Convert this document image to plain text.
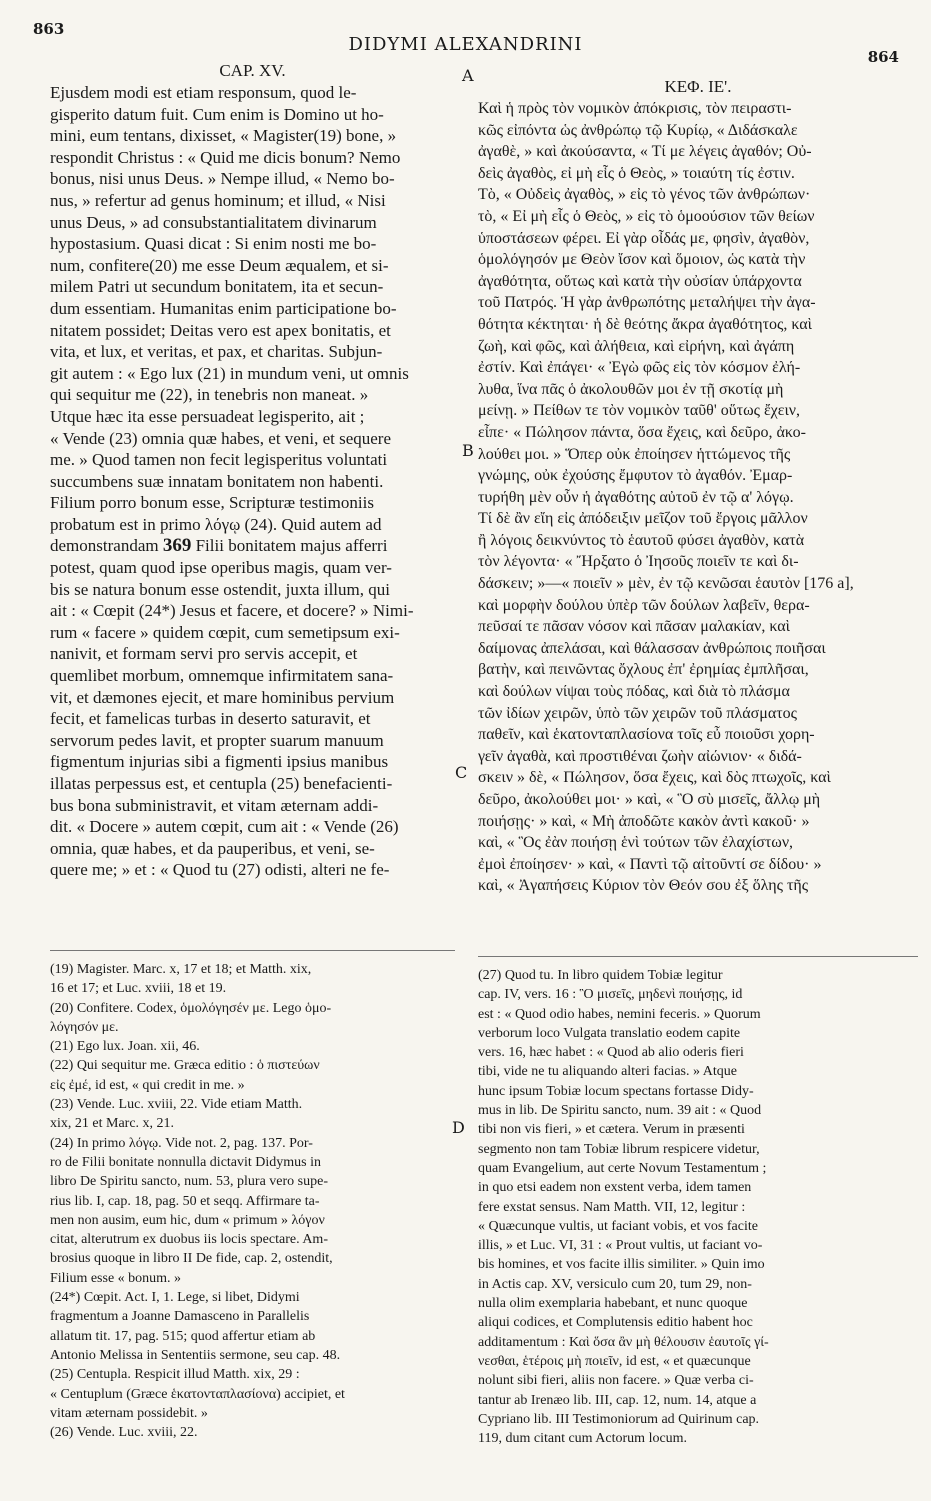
863
DIDYMI ALEXANDRINI
864
A
B
C
D
CAP. XV.
Ejusdem modi est etiam responsum, quod le-
gisperito datum fuit. Cum enim is Domino ut ho-
mini, eum tentans, dixisset, « Magister(19) bone, »
respondit Christus : « Quid me dicis bonum? Nemo
bonus, nisi unus Deus. » Nempe illud, « Nemo bo-
nus, » refertur ad genus hominum; et illud, « Nisi
unus Deus, » ad consubstantialitatem divinarum
hypostasium. Quasi dicat : Si enim nosti me bo-
num, confitere(20) me esse Deum æqualem, et si-
milem Patri ut secundum bonitatem, ita et secun-
dum essentiam. Humanitas enim participatione bo-
nitatem possidet; Deitas vero est apex bonitatis, et
vita, et lux, et veritas, et pax, et charitas. Subjun-
git autem : « Ego lux (21) in mundum veni, ut omnis
qui sequitur me (22), in tenebris non maneat. »
Utque hæc ita esse persuadeat legisperito, ait ;
« Vende (23) omnia quæ habes, et veni, et sequere
me. » Quod tamen non fecit legisperitus voluntati
succumbens suæ innatam bonitatem non habenti.
Filium porro bonum esse, Scripturæ testimoniis
probatum est in primo λόγῳ (24). Quid autem ad
demonstrandam 369 Filii bonitatem majus afferri
potest, quam quod ipse operibus magis, quam ver-
bis se natura bonum esse ostendit, juxta illum, qui
ait : « Cœpit (24*) Jesus et facere, et docere? » Nimi-
rum « facere » quidem cœpit, cum semetipsum exi-
nanivit, et formam servi pro servis accepit, et
quemlibet morbum, omnemque infirmitatem sana-
vit, et dæmones ejecit, et mare hominibus pervium
fecit, et famelicas turbas in deserto saturavit, et
servorum pedes lavit, et propter suarum manuum
figmentum injurias sibi a figmenti ipsius manibus
illatas perpessus est, et centupla (25) benefacienti-
bus bona subministravit, et vitam æternam addi-
dit. « Docere » autem cœpit, cum ait : « Vende (26)
omnia, quæ habes, et da pauperibus, et veni, se-
quere me; » et : « Quod tu (27) odisti, alteri ne fe-
ΚΕΦ. ΙΕ'.
Καὶ ἡ πρὸς τὸν νομικὸν ἀπόκρισις, τὸν πειραστι-
κῶς εἰπόντα ὡς ἀνθρώπῳ τῷ Κυρίῳ, « Διδάσκαλε
ἀγαθὲ, » καὶ ἀκούσαντα, « Τί με λέγεις ἀγαθόν; Οὐ-
δεὶς ἀγαθὸς, εἰ μὴ εἷς ὁ Θεὸς, » τοιαύτη τίς ἐστιν.
Τὸ, « Οὐδεὶς ἀγαθὸς, » εἰς τὸ γένος τῶν ἀνθρώπων·
τὸ, « Εἰ μὴ εἷς ὁ Θεὸς, » εἰς τὸ ὁμοούσιον τῶν θείων
ὑποστάσεων φέρει. Εἰ γὰρ οἶδάς με, φησὶν, ἀγαθὸν,
ὁμολόγησόν με Θεὸν ἴσον καὶ ὅμοιον, ὡς κατὰ τὴν
ἀγαθότητα, οὕτως καὶ κατὰ τὴν οὐσίαν ὑπάρχοντα
τοῦ Πατρός. Ἡ γὰρ ἀνθρωπότης μεταλήψει τὴν ἀγα-
θότητα κέκτηται· ἡ δὲ θεότης ἄκρα ἀγαθότητος, καὶ
ζωὴ, καὶ φῶς, καὶ ἀλήθεια, καὶ εἰρήνη, καὶ ἀγάπη
ἐστίν. Καὶ ἐπάγει· « Ἐγὼ φῶς εἰς τὸν κόσμον ἐλή-
λυθα, ἵνα πᾶς ὁ ἀκολουθῶν μοι ἐν τῇ σκοτίᾳ μὴ
μείνῃ. » Πείθων τε τὸν νομικὸν ταῦθ' οὕτως ἔχειν,
εἶπε· « Πώλησον πάντα, ὅσα ἔχεις, καὶ δεῦρο, ἀκο-
λούθει μοι. » Ὅπερ οὐκ ἐποίησεν ἡττώμενος τῆς
γνώμης, οὐκ ἐχούσης ἔμφυτον τὸ ἀγαθόν. Ἐμαρ-
τυρήθη μὲν οὖν ἡ ἀγαθότης αὐτοῦ ἐν τῷ α' λόγῳ.
Τί δὲ ἂν εἴη εἰς ἀπόδειξιν μεῖζον τοῦ ἔργοις μᾶλλον
ἢ λόγοις δεικνύντος τὸ ἑαυτοῦ φύσει ἀγαθὸν, κατὰ
τὸν λέγοντα· « Ἤρξατο ὁ Ἰησοῦς ποιεῖν τε καὶ δι-
δάσκειν; »—« ποιεῖν » μὲν, ἐν τῷ κενῶσαι ἑαυτὸν [176 a],
καὶ μορφὴν δούλου ὑπὲρ τῶν δούλων λαβεῖν, θερα-
πεῦσαί τε πᾶσαν νόσον καὶ πᾶσαν μαλακίαν, καὶ
δαίμονας ἀπελάσαι, καὶ θάλασσαν ἀνθρώποις ποιῆσαι
βατὴν, καὶ πεινῶντας ὄχλους ἐπ' ἐρημίας ἐμπλῆσαι,
καὶ δούλων νίψαι τοὺς πόδας, καὶ διὰ τὸ πλάσμα
τῶν ἰδίων χειρῶν, ὑπὸ τῶν χειρῶν τοῦ πλάσματος
παθεῖν, καὶ ἑκατονταπλασίονα τοῖς εὖ ποιοῦσι χορη-
γεῖν ἀγαθὰ, καὶ προστιθέναι ζωὴν αἰώνιον· « διδά-
σκειν » δὲ, « Πώλησον, ὅσα ἔχεις, καὶ δὸς πτωχοῖς, καὶ
δεῦρο, ἀκολούθει μοι· » καὶ, « Ὃ σὺ μισεῖς, ἄλλῳ μὴ
ποιήσῃς· » καὶ, « Μὴ ἀποδῶτε κακὸν ἀντὶ κακοῦ· »
καὶ, « Ὃς ἐὰν ποιήσῃ ἑνὶ τούτων τῶν ἐλαχίστων,
ἐμοὶ ἐποίησεν· » καὶ, « Παντὶ τῷ αἰτοῦντί σε δίδου· »
καὶ, « Ἀγαπήσεις Κύριον τὸν Θεόν σου ἐξ ὅλης τῆς
(19) Magister. Marc. x, 17 et 18; et Matth. xix,
16 et 17; et Luc. xviii, 18 et 19.
(20) Confitere. Codex, ὁμολόγησέν με. Lego ὁμο-
λόγησόν με.
(21) Ego lux. Joan. xii, 46.
(22) Qui sequitur me. Græca editio : ὁ πιστεύων
εἰς ἐμέ, id est, « qui credit in me. »
(23) Vende. Luc. xviii, 22. Vide etiam Matth.
xix, 21 et Marc. x, 21.
(24) In primo λόγῳ. Vide not. 2, pag. 137. Por-
ro de Filii bonitate nonnulla dictavit Didymus in
libro De Spiritu sancto, num. 53, plura vero supe-
rius lib. I, cap. 18, pag. 50 et seqq. Affirmare ta-
men non ausim, eum hic, dum « primum » λόγον
citat, alterutrum ex duobus iis locis spectare. Am-
brosius quoque in libro II De fide, cap. 2, ostendit,
Filium esse « bonum. »
(24*) Cœpit. Act. I, 1. Lege, si libet, Didymi
fragmentum a Joanne Damasceno in Parallelis
allatum tit. 17, pag. 515; quod affertur etiam ab
Antonio Melissa in Sententiis sermone, seu cap. 48.
(25) Centupla. Respicit illud Matth. xix, 29 :
« Centuplum (Græce ἑκατονταπλασίονα) accipiet, et
vitam æternam possidebit. »
(26) Vende. Luc. xviii, 22.
(27) Quod tu. In libro quidem Tobiæ legitur
cap. IV, vers. 16 : Ὃ μισεῖς, μηδενὶ ποιήσῃς, id
est : « Quod odio habes, nemini feceris. » Quorum
verborum loco Vulgata translatio eodem capite
vers. 16, hæc habet : « Quod ab alio oderis fieri
tibi, vide ne tu aliquando alteri facias. » Atque
hunc ipsum Tobiæ locum spectans fortasse Didy-
mus in lib. De Spiritu sancto, num. 39 ait : « Quod
tibi non vis fieri, » et cætera. Verum in præsenti
segmento non tam Tobiæ librum respicere videtur,
quam Evangelium, aut certe Novum Testamentum ;
in quo etsi eadem non exstent verba, idem tamen
fere exstat sensus. Nam Matth. VII, 12, legitur :
« Quæcunque vultis, ut faciant vobis, et vos facite
illis, » et Luc. VI, 31 : « Prout vultis, ut faciant vo-
bis homines, et vos facite illis similiter. » Quin imo
in Actis cap. XV, versiculo cum 20, tum 29, non-
nulla olim exemplaria habebant, et nunc quoque
aliqui codices, et Complutensis editio habent hoc
additamentum : Καὶ ὅσα ἂν μὴ θέλουσιν ἑαυτοῖς γί-
νεσθαι, ἑτέροις μὴ ποιεῖν, id est, « et quæcunque
nolunt sibi fieri, aliis non facere. » Quæ verba ci-
tantur ab Irenæo lib. III, cap. 12, num. 14, atque a
Cypriano lib. III Testimoniorum ad Quirinum cap.
119, dum citant cum Actorum locum.
